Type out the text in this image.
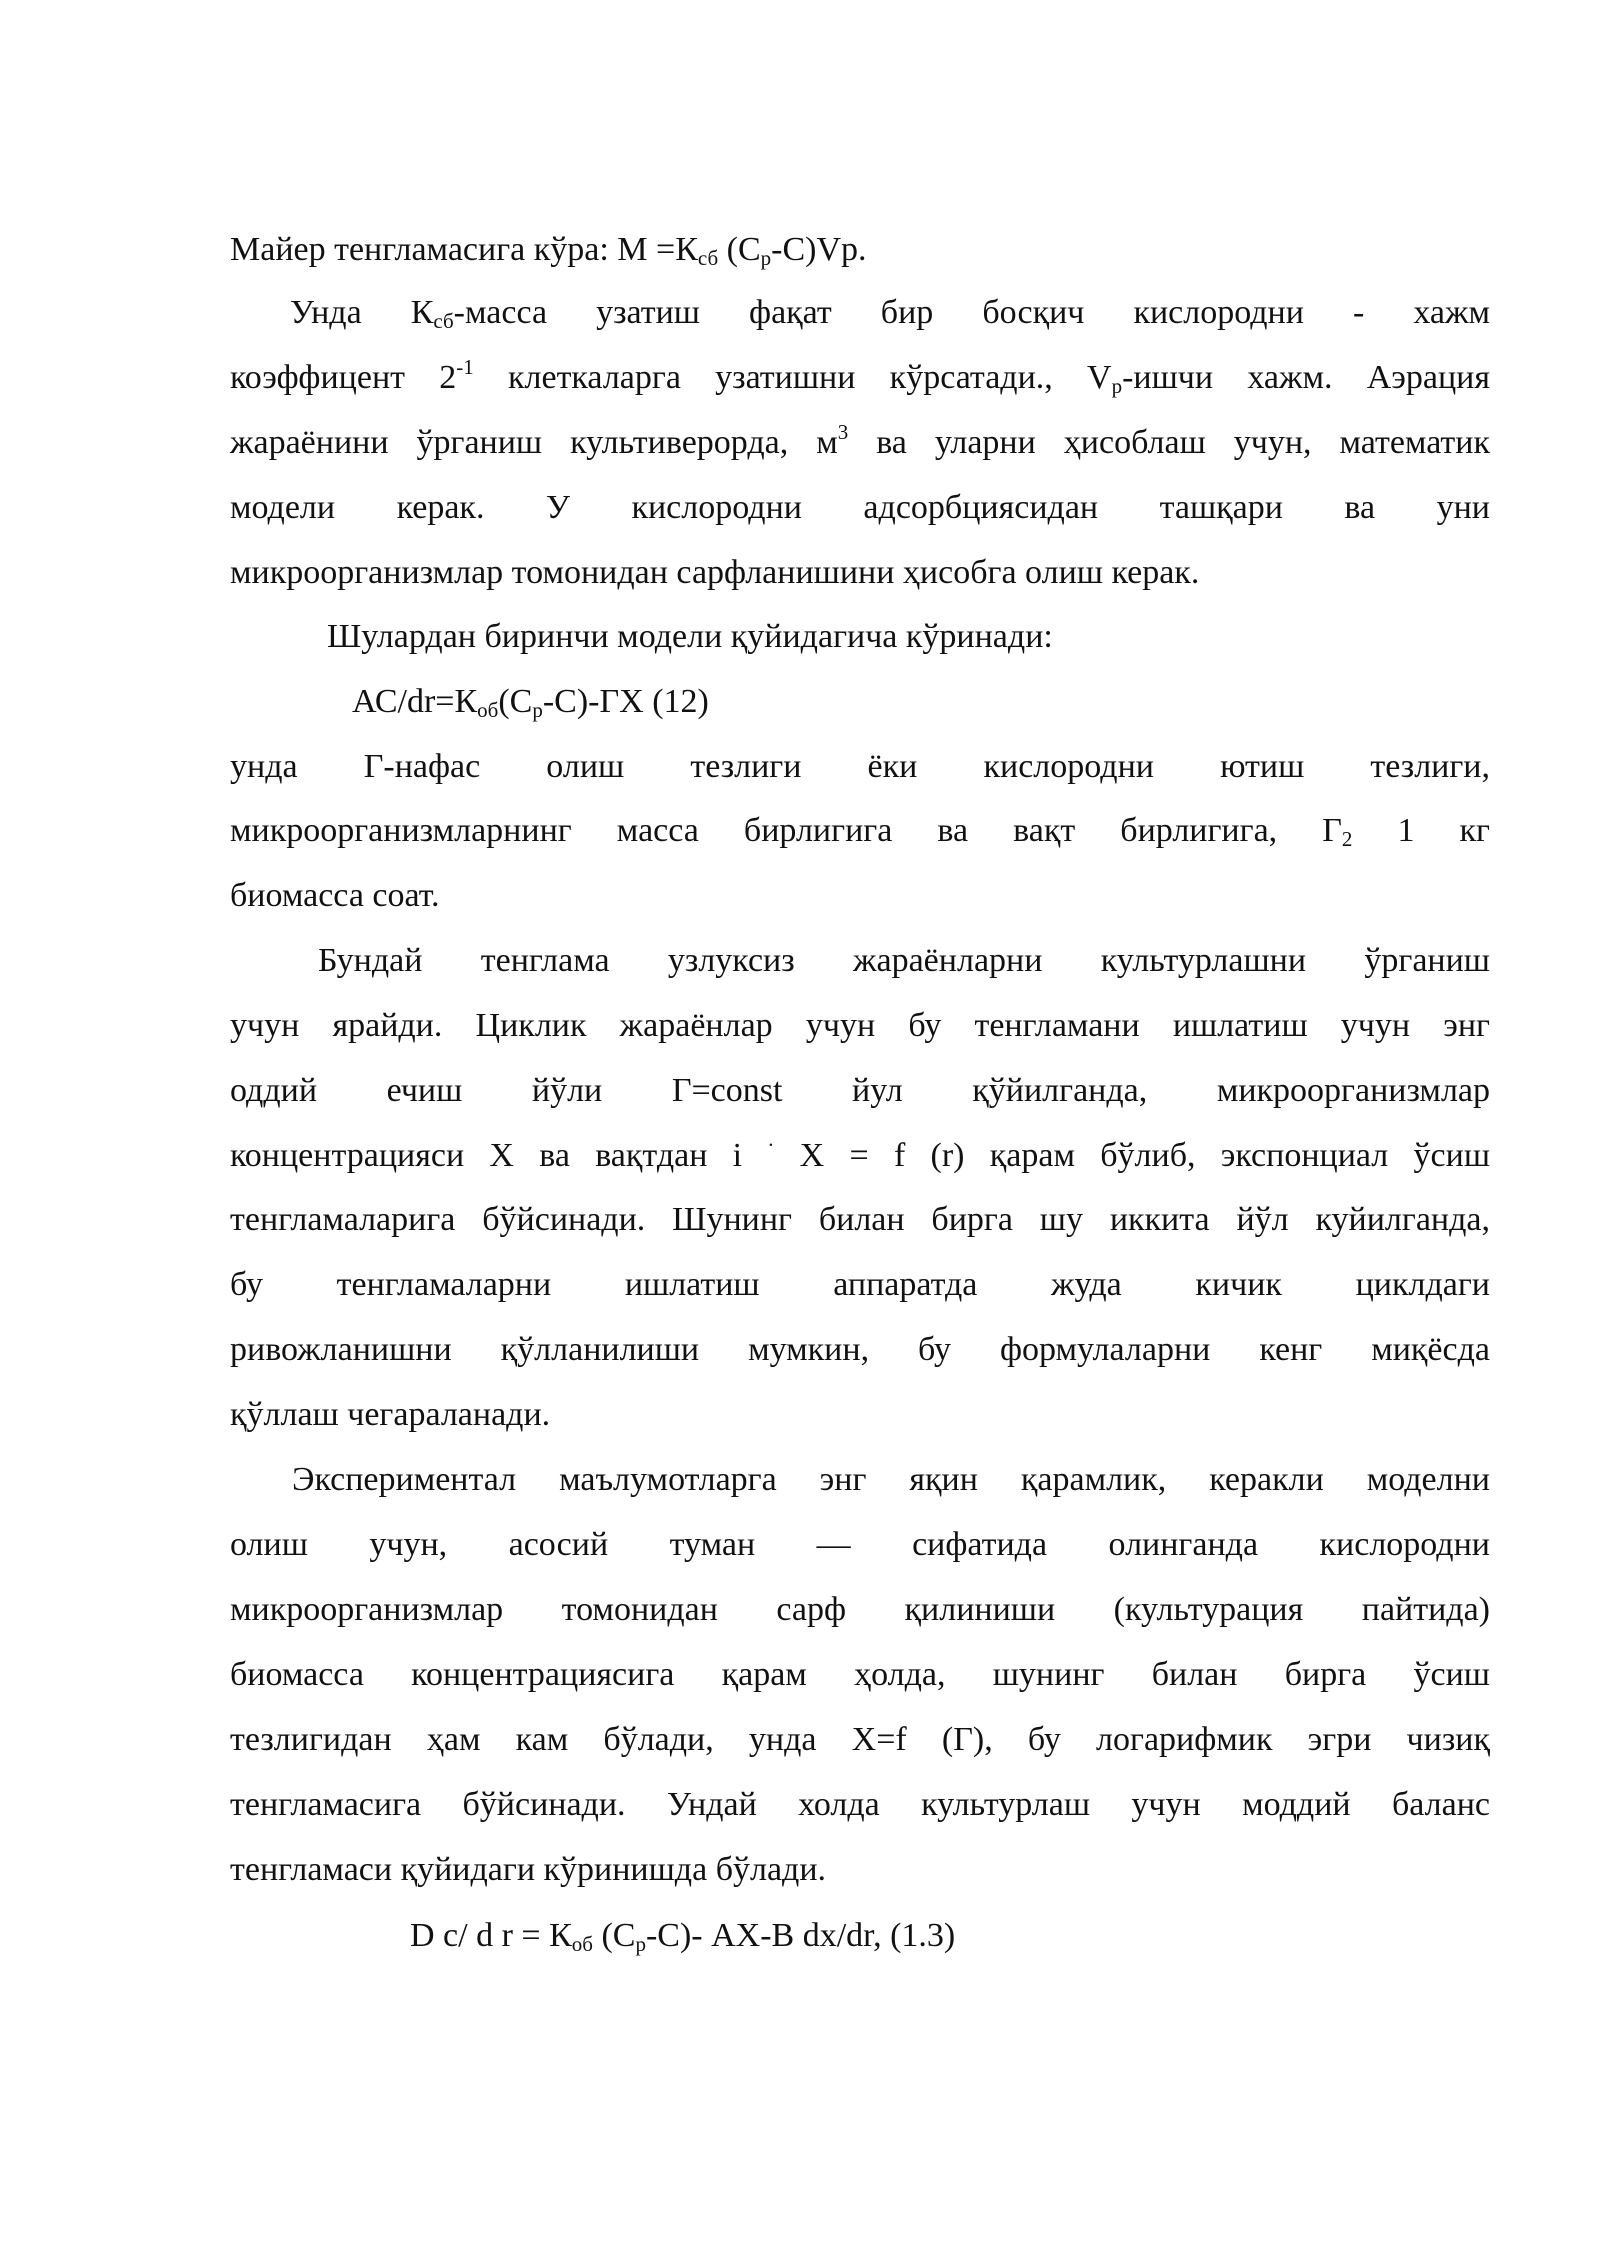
Майер тенгламасига кўра: $М =К_{сб}$ $(С_р-С)Vр$.
Унда $К_{сб}$-масса узатиш фақат бир босқич кислородни - хажм
коэффицент $2^{-1}$ клеткаларга узатишни кўрсатади., $V_р$-ишчи хажм. Аэрация
жараёнини ўрганиш культиверорда, $м^3$ ва уларни ҳисоблаш учун, математик
модели керак. У кислородни адсорбциясидан ташқари ва уни
микроорганизмлар томонидан сарфланишини ҳисобга олиш керак.
Шулардан биринчи модели қуйидагича кўринади:
$АС/dr=К_{об}(С_р-С)-ГХ$ (12)
унда Г-нафас олиш тезлиги ёки кислородни ютиш тезлиги,
микроорганизмларнинг масса бирлигига ва вақт бирлигига, $Г_2$ 1 кг
биомасса соат.
Бундай тенглама узлуксиз жараёнларни культурлашни ўрганиш
учун ярайди. Циклик жараёнлар учун бу тенгламани ишлатиш учун энг
оддий ечиш йўли Г=const йул қўйилганда, микроорганизмлар
концентрацияси Х ва вақтдан i · Х = f (r) қарам бўлиб, экспонциал ўсиш
тенгламаларига бўйсинади. Шунинг билан бирга шу иккита йўл куйилганда,
бу тенгламаларни ишлатиш аппаратда жуда кичик циклдаги
ривожланишни қўлланилиши мумкин, бу формулаларни кенг миқёсда
қўллаш чегараланади.
Экспериментал маълумотларга энг яқин қарамлик, керакли моделни
олиш учун, асосий туман — сифатида олинганда кислородни
микроорганизмлар томонидан сарф қилиниши (культурация пайтида)
биомасса концентрациясига қарам ҳолда, шунинг билан бирга ўсиш
тезлигидан ҳам кам бўлади, унда Х=f (Г), бу логарифмик эгри чизиқ
тенгламасига бўйсинади. Ундай холда культурлаш учун моддий баланс
тенгламаси қуйидаги кўринишда бўлади.
D с/ d $r = К_{об}$ $(С_р-С)-$ АХ-В dx/dr, (1.3)
